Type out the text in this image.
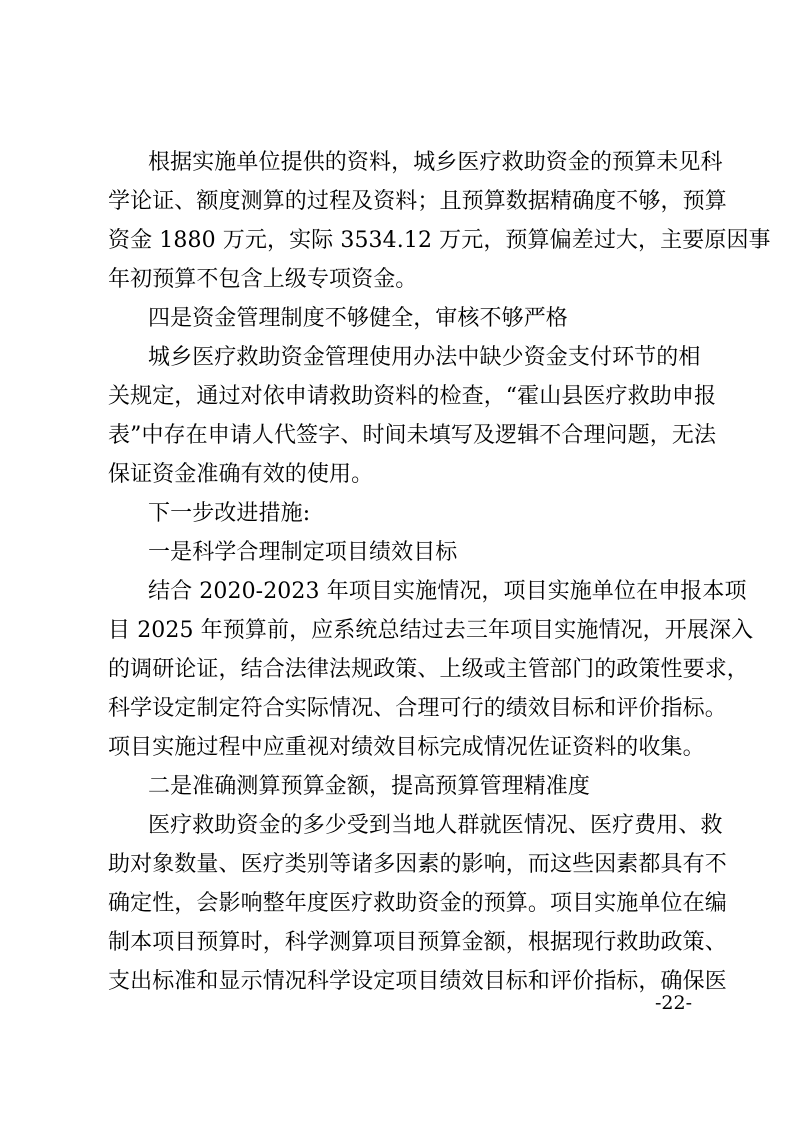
根据实施单位提供的资料，城乡医疗救助资金的预算未见科
学论证、额度测算的过程及资料；且预算数据精确度不够，预算
资金 1880 万元，实际 3534.12 万元，预算偏差过大，主要原因事
年初预算不包含上级专项资金。
四是资金管理制度不够健全，审核不够严格
城乡医疗救助资金管理使用办法中缺少资金支付环节的相
关规定，通过对依申请救助资料的检查，“霍山县医疗救助申报
表”中存在申请人代签字、时间未填写及逻辑不合理问题，无法
保证资金准确有效的使用。
下一步改进措施:
一是科学合理制定项目绩效目标
结合 2020-2023 年项目实施情况，项目实施单位在申报本项
目 2025 年预算前，应系统总结过去三年项目实施情况，开展深入
的调研论证，结合法律法规政策、上级或主管部门的政策性要求，
科学设定制定符合实际情况、合理可行的绩效目标和评价指标。
项目实施过程中应重视对绩效目标完成情况佐证资料的收集。
二是准确测算预算金额，提高预算管理精准度
医疗救助资金的多少受到当地人群就医情况、医疗费用、救
助对象数量、医疗类别等诸多因素的影响，而这些因素都具有不
确定性，会影响整年度医疗救助资金的预算。项目实施单位在编
制本项目预算时，科学测算项目预算金额，根据现行救助政策、
支出标准和显示情况科学设定项目绩效目标和评价指标，确保医
-22-
